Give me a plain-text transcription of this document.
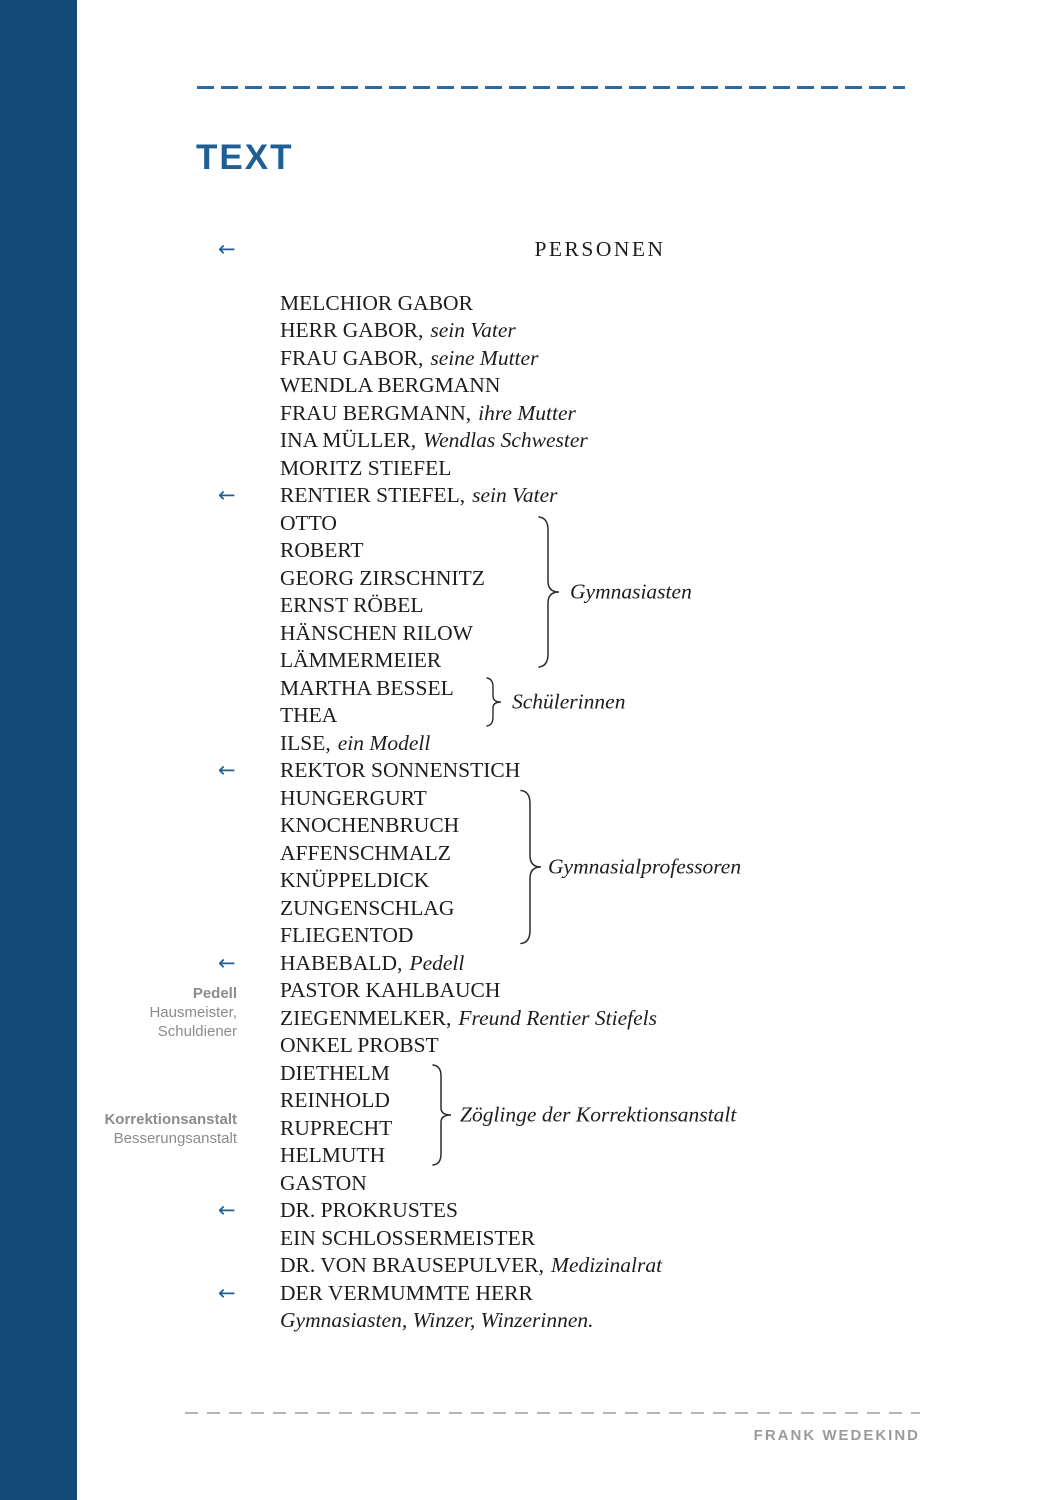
TEXT
←	PERSONEN
MELCHIOR GABOR
HERR GABOR, sein Vater
FRAU GABOR, seine Mutter
WENDLA BERGMANN
FRAU BERGMANN, ihre Mutter
INA MÜLLER, Wendlas Schwester
MORITZ STIEFEL
← RENTIER STIEFEL, sein Vater
OTTO
ROBERT
GEORG ZIRSCHNITZ
ERNST RÖBEL
HÄNSCHEN RILOW
LÄMMERMEIER
Gymnasiasten
MARTHA BESSEL
THEA
Schülerinnen
ILSE, ein Modell
← REKTOR SONNENSTICH
HUNGERGURT
KNOCHENBRUCH
AFFENSCHMALZ
KNÜPPELDICK
ZUNGENSCHLAG
FLIEGENTOD
Gymnasialprofessoren
← HABEBALD, Pedell
PASTOR KAHLBAUCH
ZIEGENMELKER, Freund Rentier Stiefels
ONKEL PROBST
DIETHELM
REINHOLD
RUPRECHT
HELMUTH
Zöglinge der Korrektionsanstalt
GASTON
← DR. PROKRUSTES
EIN SCHLOSSERMEISTER
DR. VON BRAUSEPULVER, Medizinalrat
← DER VERMUMMTE HERR
Gymnasiasten, Winzer, Winzerinnen.
Pedell
Hausmeister,
Schuldiener
Korrektionsanstalt
Besserungsanstalt
FRANK WEDEKIND
